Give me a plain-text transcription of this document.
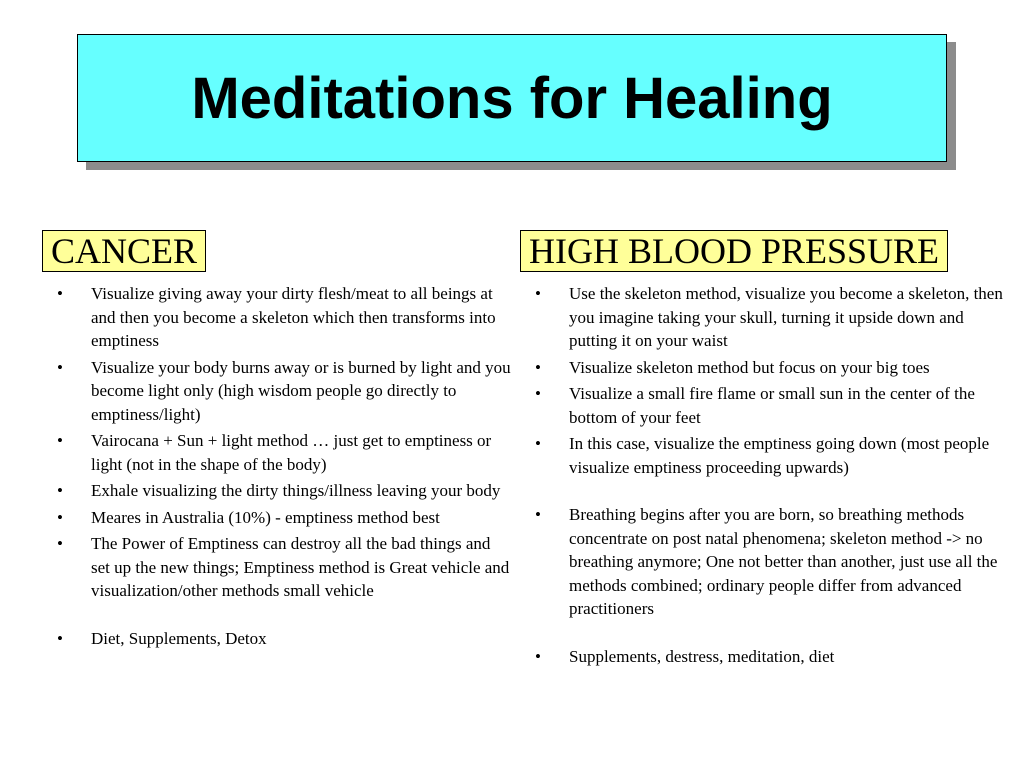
Meditations for Healing
CANCER
• Visualize giving away your dirty flesh/meat to all beings at and then you become a skeleton which then transforms into emptiness
• Visualize your body burns away or is burned by light and you become light only (high wisdom people go directly to emptiness/light)
• Vairocana + Sun + light method … just get to emptiness or light (not in the shape of the body)
• Exhale visualizing the dirty things/illness leaving your body
• Meares in Australia (10%) - emptiness method best
• The Power of Emptiness can destroy all the bad things and set up the new things; Emptiness method is Great vehicle and visualization/other methods small vehicle
• Diet, Supplements, Detox
HIGH BLOOD PRESSURE
• Use the skeleton method, visualize you become a skeleton, then you imagine taking your skull, turning it upside down and putting it on your waist
• Visualize skeleton method but focus on your big toes
• Visualize a small fire flame or small sun in the center of the bottom of your feet
• In this case, visualize the emptiness going down (most people visualize emptiness proceeding upwards)
• Breathing begins after you are born, so breathing methods concentrate on post natal phenomena; skeleton method -> no breathing anymore; One not better than another, just use all the methods combined; ordinary people differ from advanced practitioners
• Supplements, destress, meditation, diet
